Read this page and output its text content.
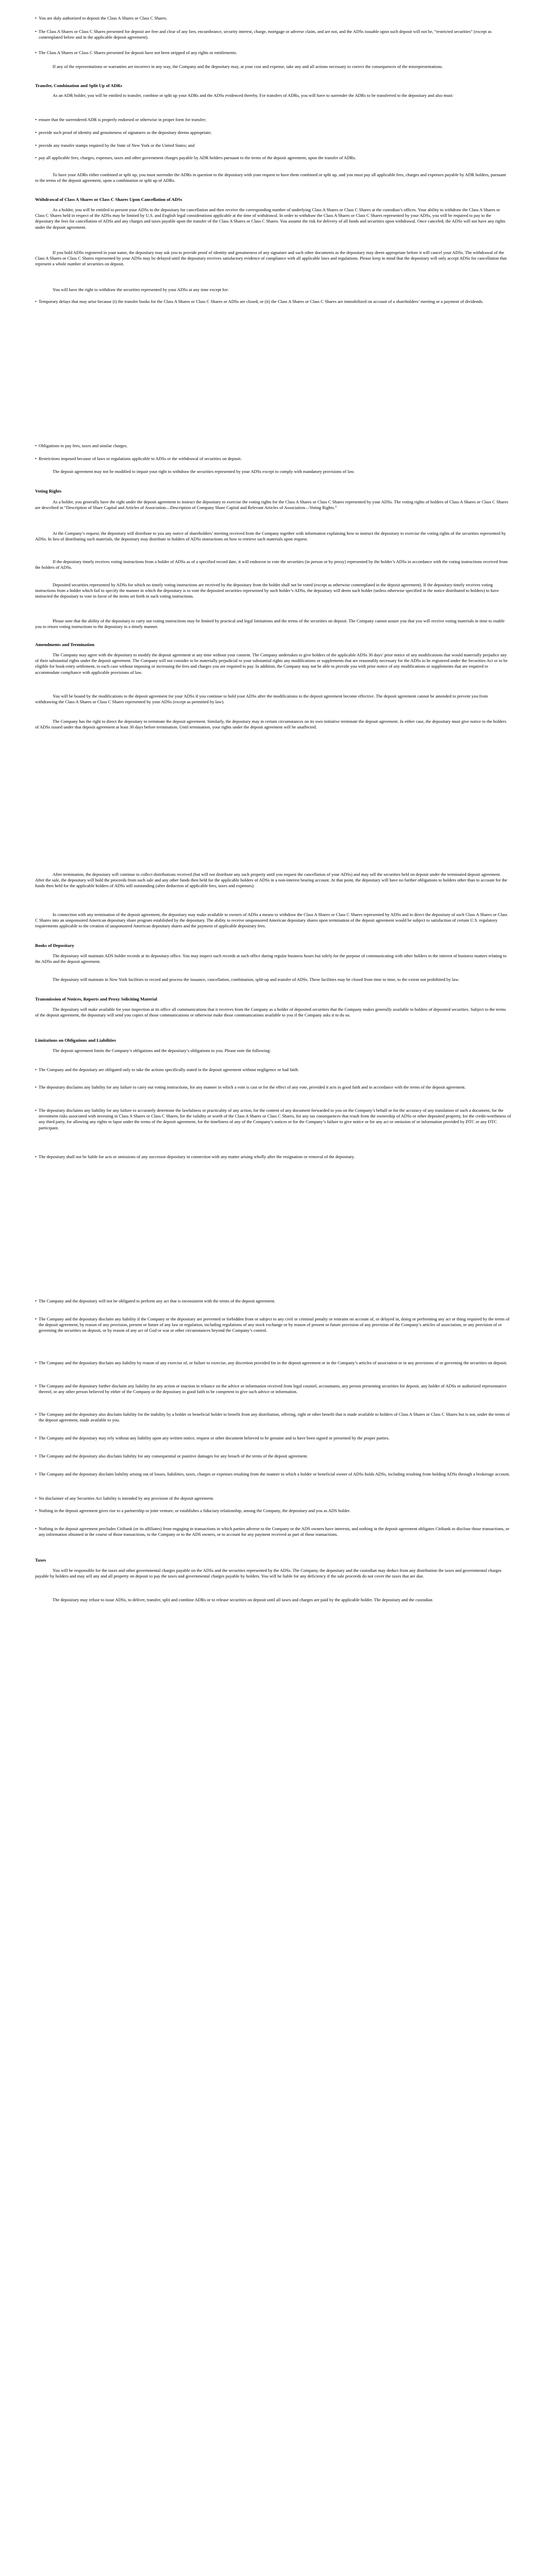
• You are duly authorized to deposit the Class A Shares or Class C Shares.

• The Class A Shares or Class C Shares presented for deposit are free and clear of any lien, encumbrance, security interest, charge, mortgage or adverse claim, and are not, and the ADSs issuable upon such deposit will not be, “restricted securities” (except as contemplated below and in the applicable deposit agreement).

• The Class A Shares or Class C Shares presented for deposit have not been stripped of any rights or entitlements.

If any of the representations or warranties are incorrect in any way, the Company and the depositary may, at your cost and expense, take any and all actions necessary to correct the consequences of the misrepresentations.

Transfer, Combination and Split Up of ADRs

As an ADR holder, you will be entitled to transfer, combine or split up your ADRs and the ADSs evidenced thereby. For transfers of ADRs, you will have to surrender the ADRs to be transferred to the depositary and also must:

• ensure that the surrendered ADR is properly endorsed or otherwise in proper form for transfer;

• provide such proof of identity and genuineness of signatures as the depositary deems appropriate;

• provide any transfer stamps required by the State of New York or the United States; and

• pay all applicable fees, charges, expenses, taxes and other government charges payable by ADR holders pursuant to the terms of the deposit agreement, upon the transfer of ADRs.

To have your ADRs either combined or split up, you must surrender the ADRs in question to the depositary with your request to have them combined or split up, and you must pay all applicable fees, charges and expenses payable by ADR holders, pursuant to the terms of the deposit agreement, upon a combination or split up of ADRs.

Withdrawal of Class A Shares or Class C Shares Upon Cancellation of ADSs

As a holder, you will be entitled to present your ADSs to the depositary for cancellation and then receive the corresponding number of underlying Class A Shares or Class C Shares at the custodian’s offices. Your ability to withdraw the Class A Shares or Class C Shares held in respect of the ADSs may be limited by U.S. and English legal considerations applicable at the time of withdrawal. In order to withdraw the Class A Shares or Class C Shares represented by your ADSs, you will be required to pay to the depositary the fees for cancellation of ADSs and any charges and taxes payable upon the transfer of the Class A Shares or Class C Shares. You assume the risk for delivery of all funds and securities upon withdrawal. Once canceled, the ADSs will not have any rights under the deposit agreement.

If you hold ADSs registered in your name, the depositary may ask you to provide proof of identity and genuineness of any signature and such other documents as the depositary may deem appropriate before it will cancel your ADSs. The withdrawal of the Class A Shares or Class C Shares represented by your ADSs may be delayed until the depositary receives satisfactory evidence of compliance with all applicable laws and regulations. Please keep in mind that the depositary will only accept ADSs for cancellation that represent a whole number of securities on deposit.

You will have the right to withdraw the securities represented by your ADSs at any time except for:

• Temporary delays that may arise because (i) the transfer books for the Class A Shares or Class C Shares or ADSs are closed, or (ii) the Class A Shares or Class C Shares are immobilized on account of a shareholders’ meeting or a payment of dividends.

• Obligations to pay fees, taxes and similar charges.

• Restrictions imposed because of laws or regulations applicable to ADSs or the withdrawal of securities on deposit.

The deposit agreement may not be modified to impair your right to withdraw the securities represented by your ADSs except to comply with mandatory provisions of law.

Voting Rights

As a holder, you generally have the right under the deposit agreement to instruct the depositary to exercise the voting rights for the Class A Shares or Class C Shares represented by your ADSs. The voting rights of holders of Class A Shares or Class C Shares are described in “Description of Share Capital and Articles of Association—Description of Company Share Capital and Relevant Articles of Association—Voting Rights.”

At the Company’s request, the depositary will distribute to you any notice of shareholders’ meeting received from the Company together with information explaining how to instruct the depositary to exercise the voting rights of the securities represented by ADSs. In lieu of distributing such materials, the depositary may distribute to holders of ADSs instructions on how to retrieve such materials upon request.

If the depositary timely receives voting instructions from a holder of ADSs as of a specified record date, it will endeavor to vote the securities (in person or by proxy) represented by the holder’s ADSs in accordance with the voting instructions received from the holders of ADSs.

Deposited securities represented by ADSs for which no timely voting instructions are received by the depositary from the holder shall not be voted (except as otherwise contemplated in the deposit agreement). If the depositary timely receives voting instructions from a holder which fail to specify the manner in which the depositary is to vote the deposited securities represented by such holder’s ADSs, the depositary will deem such holder (unless otherwise specified in the notice distributed to holders) to have instructed the depositary to vote in favor of the items set forth in such voting instructions.

Please note that the ability of the depositary to carry out voting instructions may be limited by practical and legal limitations and the terms of the securities on deposit. The Company cannot assure you that you will receive voting materials in time to enable you to return voting instructions to the depositary in a timely manner.

Amendments and Termination

The Company may agree with the depositary to modify the deposit agreement at any time without your consent. The Company undertakes to give holders of the applicable ADSs 30 days’ prior notice of any modifications that would materially prejudice any of their substantial rights under the deposit agreement. The Company will not consider to be materially prejudicial to your substantial rights any modifications or supplements that are reasonably necessary for the ADSs to be registered under the Securities Act or to be eligible for book-entry settlement, in each case without imposing or increasing the fees and charges you are required to pay. In addition, the Company may not be able to provide you with prior notice of any modifications or supplements that are required to accommodate compliance with applicable provisions of law.

You will be bound by the modifications to the deposit agreement for your ADSs if you continue to hold your ADSs after the modifications to the deposit agreement become effective. The deposit agreement cannot be amended to prevent you from withdrawing the Class A Shares or Class C Shares represented by your ADSs (except as permitted by law).

The Company has the right to direct the depositary to terminate the deposit agreement. Similarly, the depositary may in certain circumstances on its own initiative terminate the deposit agreement. In either case, the depositary must give notice to the holders of ADSs issued under that deposit agreement at least 30 days before termination. Until termination, your rights under the deposit agreement will be unaffected.

After termination, the depositary will continue to collect distributions received (but will not distribute any such property until you request the cancellation of your ADSs) and may sell the securities held on deposit under the terminated deposit agreement. After the sale, the depositary will hold the proceeds from such sale and any other funds then held for the applicable holders of ADSs in a non-interest bearing account. At that point, the depositary will have no further obligations to holders other than to account for the funds then held for the applicable holders of ADSs still outstanding (after deduction of applicable fees, taxes and expenses).

In connection with any termination of the deposit agreement, the depositary may make available to owners of ADSs a means to withdraw the Class A Shares or Class C Shares represented by ADSs and to direct the depositary of such Class A Shares or Class C Shares into an unsponsored American depositary share program established by the depositary. The ability to receive unsponsored American depositary shares upon termination of the deposit agreement would be subject to satisfaction of certain U.S. regulatory requirements applicable to the creation of unsponsored American depositary shares and the payment of applicable depositary fees.

Books of Depositary

The depositary will maintain ADS holder records at its depositary office. You may inspect such records at such office during regular business hours but solely for the purpose of communicating with other holders in the interest of business matters relating to the ADSs and the deposit agreement.

The depositary will maintain in New York facilities to record and process the issuance, cancellation, combination, split-up and transfer of ADSs. These facilities may be closed from time to time, to the extent not prohibited by law.

Transmission of Notices, Reports and Proxy Soliciting Material

The depositary will make available for your inspection at its office all communications that it receives from the Company as a holder of deposited securities that the Company makes generally available to holders of deposited securities. Subject to the terms of the deposit agreement, the depositary will send you copies of those communications or otherwise make those communications available to you if the Company asks it to do so.

Limitations on Obligations and Liabilities

The deposit agreement limits the Company’s obligations and the depositary’s obligations to you. Please note the following:

• The Company and the depositary are obligated only to take the actions specifically stated in the deposit agreement without negligence or bad faith.

• The depositary disclaims any liability for any failure to carry out voting instructions, for any manner in which a vote is cast or for the effect of any vote, provided it acts in good faith and in accordance with the terms of the deposit agreement.

• The depositary disclaims any liability for any failure to accurately determine the lawfulness or practicality of any action, for the content of any document forwarded to you on the Company’s behalf or for the accuracy of any translation of such a document, for the investment risks associated with investing in Class A Shares or Class C Shares, for the validity or worth of the Class A Shares or Class C Shares, for any tax consequences that result from the ownership of ADSs or other deposited property, for the credit-worthiness of any third party, for allowing any rights to lapse under the terms of the deposit agreement, for the timeliness of any of the Company’s notices or for the Company’s failure to give notice or for any act or omission of or information provided by DTC or any DTC participant.

• The depositary shall not be liable for acts or omissions of any successor depositary in connection with any matter arising wholly after the resignation or removal of the depositary.

• The Company and the depositary will not be obligated to perform any act that is inconsistent with the terms of the deposit agreement.

• The Company and the depositary disclaim any liability if the Company or the depositary are prevented or forbidden from or subject to any civil or criminal penalty or restraint on account of, or delayed in, doing or performing any act or thing required by the terms of the deposit agreement, by reason of any provision, present or future of any law or regulation, including regulations of any stock exchange or by reason of present or future provision of any provision of the Company’s articles of association, or any provision of or governing the securities on deposit, or by reason of any act of God or war or other circumstances beyond the Company’s control.

• The Company and the depositary disclaim any liability by reason of any exercise of, or failure to exercise, any discretion provided for in the deposit agreement or in the Company’s articles of association or in any provisions of or governing the securities on deposit.

• The Company and the depositary further disclaim any liability for any action or inaction in reliance on the advice or information received from legal counsel, accountants, any person presenting securities for deposit, any holder of ADSs or authorized representative thereof, or any other person believed by either of the Company or the depositary in good faith to be competent to give such advice or information.

• The Company and the depositary also disclaim liability for the inability by a holder or beneficial holder to benefit from any distribution, offering, right or other benefit that is made available to holders of Class A Shares or Class C Shares but is not, under the terms of the deposit agreement, made available to you.

• The Company and the depositary may rely without any liability upon any written notice, request or other document believed to be genuine and to have been signed or presented by the proper parties.

• The Company and the depositary also disclaim liability for any consequential or punitive damages for any breach of the terms of the deposit agreement.

• The Company and the depositary disclaim liability arising out of losses, liabilities, taxes, charges or expenses resulting from the manner in which a holder or beneficial owner of ADSs holds ADSs, including resulting from holding ADSs through a brokerage account.

• No disclaimer of any Securities Act liability is intended by any provision of the deposit agreement.

• Nothing in the deposit agreement gives rise to a partnership or joint venture, or establishes a fiduciary relationship, among the Company, the depositary and you as ADS holder.

• Nothing in the deposit agreement precludes Citibank (or its affiliates) from engaging in transactions in which parties adverse to the Company or the ADS owners have interests, and nothing in the deposit agreement obligates Citibank to disclose those transactions, or any information obtained in the course of those transactions, to the Company or to the ADS owners, or to account for any payment received as part of those transactions.

Taxes

You will be responsible for the taxes and other governmental charges payable on the ADSs and the securities represented by the ADSs. The Company, the depositary and the custodian may deduct from any distribution the taxes and governmental charges payable by holders and may sell any and all property on deposit to pay the taxes and governmental charges payable by holders. You will be liable for any deficiency if the sale proceeds do not cover the taxes that are due.

The depositary may refuse to issue ADSs, to deliver, transfer, split and combine ADRs or to release securities on deposit until all taxes and charges are paid by the applicable holder. The depositary and the custodian
